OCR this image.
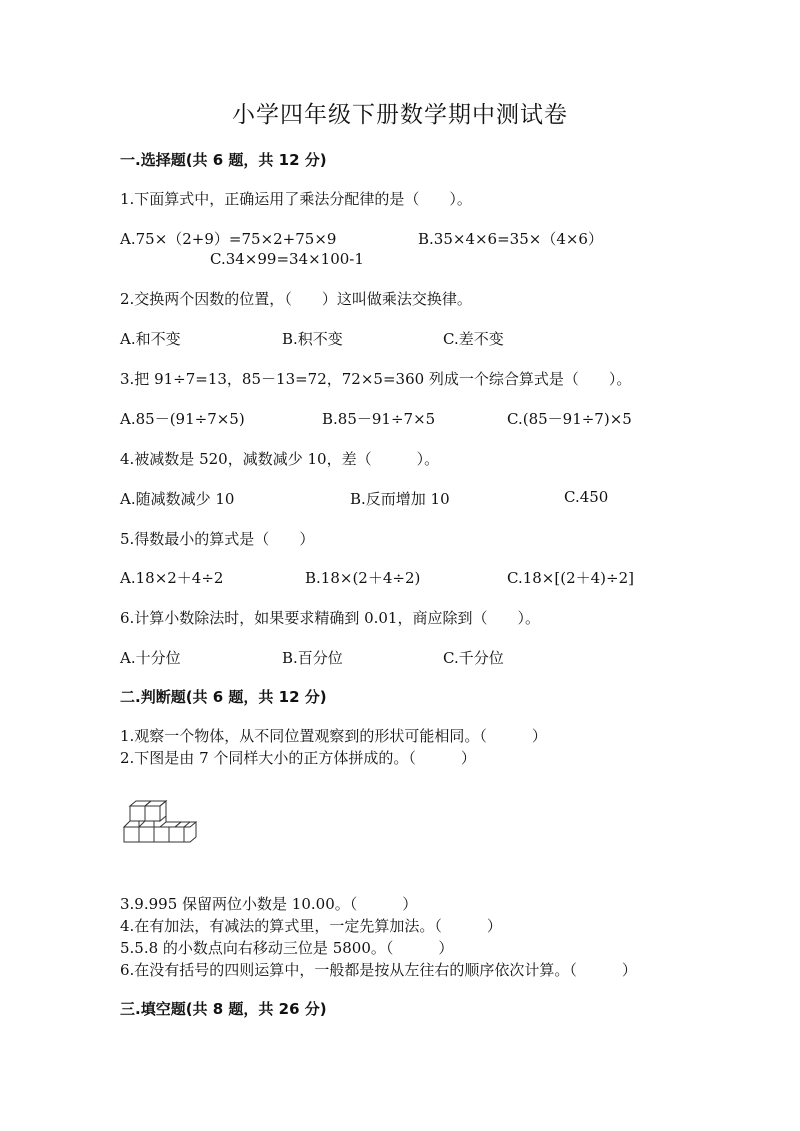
小学四年级下册数学期中测试卷
一.选择题(共 6 题，共 12 分)
1.下面算式中，正确运用了乘法分配律的是（　　）。
A.75×（2+9）=75×2+75×9	B.35×4×6=35×（4×6）
C.34×99=34×100-1
2.交换两个因数的位置，（　　）这叫做乘法交换律。
A.和不变	B.积不变	C.差不变
3.把 91÷7=13，85－13=72，72×5=360 列成一个综合算式是（　　）。
A.85－(91÷7×5)	B.85－91÷7×5	C.(85－91÷7)×5
4.被减数是 520，减数减少 10，差（　　　）。
A.随减数减少 10	B.反而增加 10	C.450
5.得数最小的算式是（　　）
A.18×2＋4÷2	B.18×(2＋4÷2)	C.18×[(2＋4)÷2]
6.计算小数除法时，如果要求精确到 0.01，商应除到（　　）。
A.十分位	B.百分位	C.千分位
二.判断题(共 6 题，共 12 分)
1.观察一个物体，从不同位置观察到的形状可能相同。（　　　）
2.下图是由 7 个同样大小的正方体拼成的。（　　　）
3.9.995 保留两位小数是 10.00。（　　　）
4.在有加法，有减法的算式里，一定先算加法。（　　　）
5.5.8 的小数点向右移动三位是 5800。（　　　）
6.在没有括号的四则运算中，一般都是按从左往右的顺序依次计算。（　　　）
三.填空题(共 8 题，共 26 分)
